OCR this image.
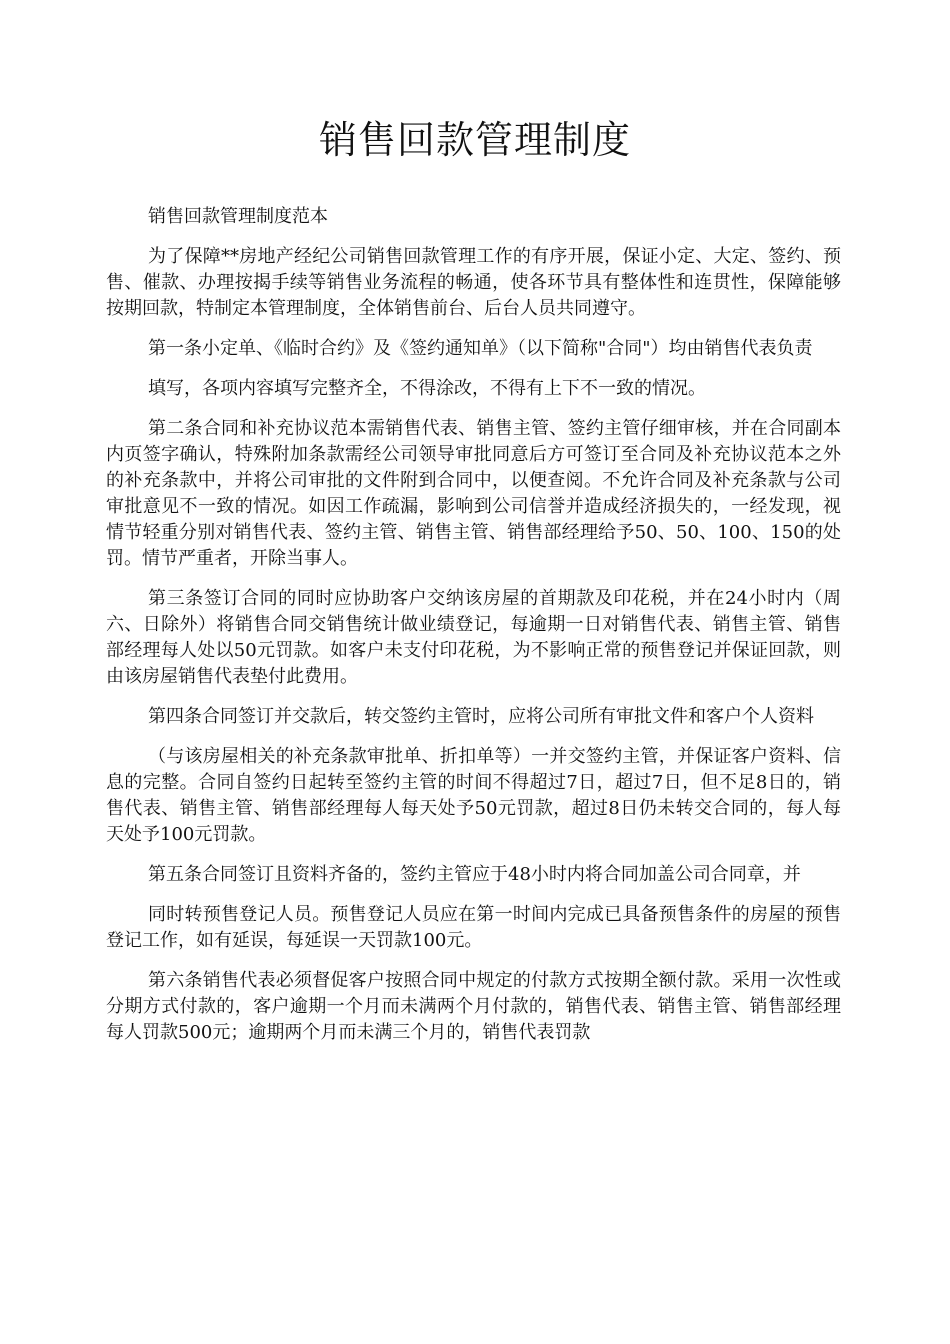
销售回款管理制度

销售回款管理制度范本

为了保障**房地产经纪公司销售回款管理工作的有序开展，保证小定、大定、签约、预售、催款、办理按揭手续等销售业务流程的畅通，使各环节具有整体性和连贯性，保障能够按期回款，特制定本管理制度，全体销售前台、后台人员共同遵守。

第一条小定单、《临时合约》及《签约通知单》（以下简称"合同"）均由销售代表负责

填写，各项内容填写完整齐全，不得涂改，不得有上下不一致的情况。

第二条合同和补充协议范本需销售代表、销售主管、签约主管仔细审核，并在合同副本内页签字确认，特殊附加条款需经公司领导审批同意后方可签订至合同及补充协议范本之外的补充条款中，并将公司审批的文件附到合同中，以便查阅。不允许合同及补充条款与公司审批意见不一致的情况。如因工作疏漏，影响到公司信誉并造成经济损失的，一经发现，视情节轻重分别对销售代表、签约主管、销售主管、销售部经理给予50、50、100、150的处罚。情节严重者，开除当事人。

第三条签订合同的同时应协助客户交纳该房屋的首期款及印花税，并在24小时内（周六、日除外）将销售合同交销售统计做业绩登记，每逾期一日对销售代表、销售主管、销售部经理每人处以50元罚款。如客户未支付印花税，为不影响正常的预售登记并保证回款，则由该房屋销售代表垫付此费用。

第四条合同签订并交款后，转交签约主管时，应将公司所有审批文件和客户个人资料

（与该房屋相关的补充条款审批单、折扣单等）一并交签约主管，并保证客户资料、信息的完整。合同自签约日起转至签约主管的时间不得超过7日，超过7日，但不足8日的，销售代表、销售主管、销售部经理每人每天处予50元罚款，超过8日仍未转交合同的，每人每天处予100元罚款。

第五条合同签订且资料齐备的，签约主管应于48小时内将合同加盖公司合同章，并

同时转预售登记人员。预售登记人员应在第一时间内完成已具备预售条件的房屋的预售登记工作，如有延误，每延误一天罚款100元。

第六条销售代表必须督促客户按照合同中规定的付款方式按期全额付款。采用一次性或分期方式付款的，客户逾期一个月而未满两个月付款的，销售代表、销售主管、销售部经理每人罚款500元；逾期两个月而未满三个月的，销售代表罚款
